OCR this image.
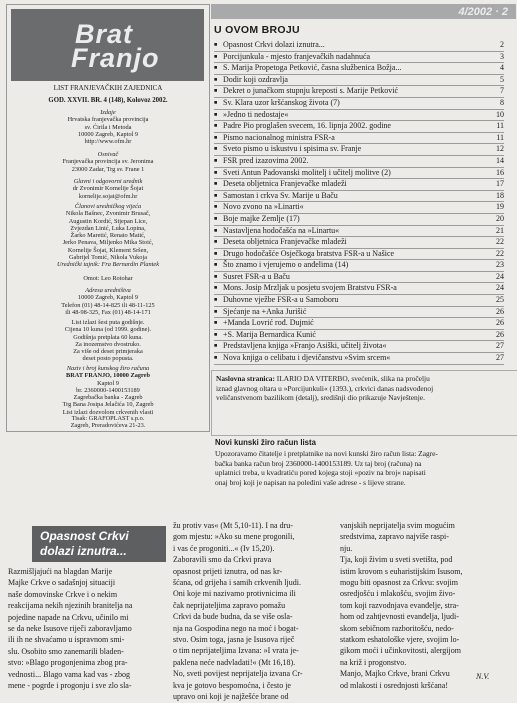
Brat
Franjo
LIST FRANJEVAČKIH ZAJEDNICA
GOD. XXVII. BR. 4 (148), Kolovoz 2002.
Izdaje
Hrvatska franjevačka provincija
sv. Ćirila i Metoda
10000 Zagreb, Kaptol 9
http://www.ofm.hr
Osnivač
Franjevačka provincija sv. Jeronima
23000 Zadar, Trg sv. Frane 1
Glavni i odgovorni urednik
dr Zvonimir Kornelije Šojat
kornelije.sojat@ofm.hr
Članovi uredničkog vijeća
Nikola Bašnec, Zvonimir Brusač,
Augustin Kordić, Stjepan Lice,
Zvjezdan Linić, Luka Lopina,
Žarko Maretić, Renato Matić,
Jerko Penava, Miljenko Mika Stoić,
Kornelije Šojat, Klement Sršen,
Gabrijel Tomić, Nikola Vukoja
Urednički tajnik: Fra Bernardin Plantek
Omot: Leo Rotohar
Adresa uredništva
10000 Zagreb, Kaptol 9
Telefon (01) 48-14-825 ili 48-11-125
ili 48-98-325, Fax (01) 48-14-171
List izlazi šest puta godišnje.
Cijena 10 kuna (od 1999. godine).
Godišnja pretplata 60 kuna.
Za inozemstvo dvostruko.
Za više od deset primjeraka
deset posto popusta.
Naziv i broj kunskog žiro računa
BRAT FRANJO, 10000 Zagreb
Kaptol 9
br. 2360000-1400153189
Zagrebačka banka - Zagreb
Trg Bana Josipa Jelačića 10, Zagreb
List izlazi dozvolom crkvenih vlasti
Tisak: GRAFOPLAST s.p.o.
Zagreb, Preradovićeva 21-23.
4/2002 · 2
U OVOM BROJU
■ Opasnost Crkvi dolazi iznutra...	2
■ Porcijunkula - mjesto franjevačkih nadahnuća	3
■ S. Marija Propetoga Petković, časna službenica Božja...	4
■ Dodir koji ozdravlja	5
■ Dekret o junačkom stupnju kreposti s. Marije Petković	7
■ Sv. Klara uzor kršćanskog života (7)	8
■ »Jedno ti nedostaje«	10
■ Padre Pio proglašen svecem, 16. lipnja 2002. godine	11
■ Pismo nacionalnog ministra FSR-a	11
■ Sveto pismo u iskustvu i spisima sv. Franje	12
■ FSR pred izazovima 2002.	14
■ Sveti Antun Padovanski molitelj i učitelj molitve (2)	16
■ Deseta obljetnica Franjevačke mladeži	17
■ Samostan i crkva Sv. Marije u Baču	18
■ Novo zvono na »Linarti«	19
■ Boje majke Zemlje (17)	20
■ Nastavljena hodočašća na »Linartu«	21
■ Deseta obljetnica Franjevačke mladeži	22
■ Drugo hodočašće Osječkoga bratstva FSR-a u Našice	22
■ Što znamo i vjerujemo o anđelima (14)	23
■ Susret FSR-a u Baču	24
■ Mons. Josip Mrzljak u posjetu svojem Bratstvu FSR-a	24
■ Duhovne vježbe FSR-a u Samoboru	25
■ Sjećanje na +Anka Jurišić	26
■ +Manda Lovrić rođ. Dujmić	26
■ +S. Marija Bernardica Kunić	26
■ Predstavljena knjiga »Franjo Asiški, učitelj života«	27
■ Nova knjiga o celibatu i djevičanstvu »Svim srcem«	27
Naslovna stranica: ILARIO DA VITERBO, svećenik, slika na pročelju
iznad glavnog oltara u »Porcijunkuli« (1393.), crkvici danas nadsvođenoj
veličanstvenom bazilikom (detalj), središnji dio prikazuje Navještenje.
Novi kunski žiro račun lista
Upozoravamo čitatelje i pretplatnike na novi kunski žiro račun lista: Zagre-
bačka banka račun broj 2360000-1400153189. Uz taj broj (računa) na
uplatnici treba, u kvadratiću pored kojega stoji »poziv na broj« napisati
onaj broj koji je napisan na poleđini vaše adrese - s lijeve strane.
Opasnost Crkvi
dolazi iznutra...
Razmišljajući na blagdan Marije
Majke Crkve o sadašnjoj situaciji
naše domovinske Crkve i o nekim
reakcijama nekih njezinih branitelja na
pojedine napade na Crkvu, učinilo mi
se da neke Isusove riječi zaboravljamo
ili ih ne shvaćamo u ispravnom smi-
slu. Osobito smo zanemarili bladen-
stvo: »Blago progonjenima zbog pra-
vednosti... Blago vama kad vas - zbog
mene - pogrde i progonju i sve zlo sla-
žu protiv vas« (Mt 5,10-11). I na dru-
gom mjestu: »Ako su mene progonili,
i vas će progoniti...« (Iv 15,20).
Zaboravili smo da Crkvi prava
opasnost prijeti iznutra, od nas kr-
šćana, od grijeha i samih crkvenih ljudi.
Oni koje mi nazivamo protivnicima ili
čak neprijateljima zapravo pomažu
Crkvi da bude budna, da se više osla-
nja na Gospodina nego na moć i bogat-
stvo. Osim toga, jasna je Isusova riječ
o tim neprijateljima Izvana: »I vrata je-
paklena neće nadvladati!« (Mt 16,18).
No, sveti povijest neprijatelja izvana Cr-
kva je gotovo bespomoćna, i često je
upravo oni koji je najžešće brane od
vanjskih neprijatelja svim mogućim
sredstvima, zapravo najviše raspi-
nju.
Tja, koji živim u sveti svetišta, pod
istim krovom s euharistijskim Isusom,
mogu biti opasnost za Crkvu: svojim
osredjošću i mlakošću, svojim živo-
tom koji razvodnjava evanđelje, stra-
hom od zahtjevnosti evanđelja, ljudi-
skom sebičnom razboritošću, nedo-
statkom eshatološke vjere, svojim lo-
gikom moći i učinkovitosti, alergijom
na križ i progonstvo.
Manjo, Majko Crkve, brani Crkvu
od mlakosti i osrednjosti kršćana!
N.V.
